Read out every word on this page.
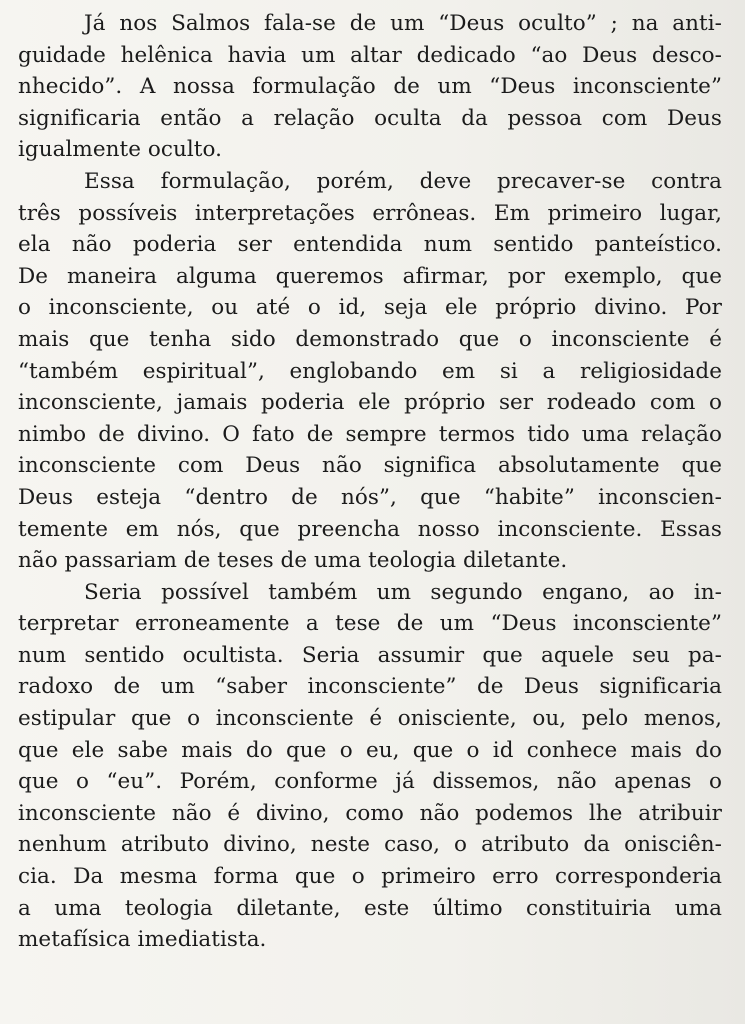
Já nos Salmos fala-se de um “Deus oculto” ; na anti-
guidade helênica havia um altar dedicado “ao Deus desco-
nhecido”. A nossa formulação de um “Deus inconsciente”
significaria então a relação oculta da pessoa com Deus
igualmente oculto.
Essa formulação, porém, deve precaver-se contra
três possíveis interpretações errôneas. Em primeiro lugar,
ela não poderia ser entendida num sentido panteístico.
De maneira alguma queremos afirmar, por exemplo, que
o inconsciente, ou até o id, seja ele próprio divino. Por
mais que tenha sido demonstrado que o inconsciente é
“também espiritual”, englobando em si a religiosidade
inconsciente, jamais poderia ele próprio ser rodeado com o
nimbo de divino. O fato de sempre termos tido uma relação
inconsciente com Deus não significa absolutamente que
Deus esteja “dentro de nós”, que “habite” inconscien-
temente em nós, que preencha nosso inconsciente. Essas
não passariam de teses de uma teologia diletante.
Seria possível também um segundo engano, ao in-
terpretar erroneamente a tese de um “Deus inconsciente”
num sentido ocultista. Seria assumir que aquele seu pa-
radoxo de um “saber inconsciente” de Deus significaria
estipular que o inconsciente é onisciente, ou, pelo menos,
que ele sabe mais do que o eu, que o id conhece mais do
que o “eu”. Porém, conforme já dissemos, não apenas o
inconsciente não é divino, como não podemos lhe atribuir
nenhum atributo divino, neste caso, o atributo da onisciên-
cia. Da mesma forma que o primeiro erro corresponderia
a uma teologia diletante, este último constituiria uma
metafísica imediatista.
